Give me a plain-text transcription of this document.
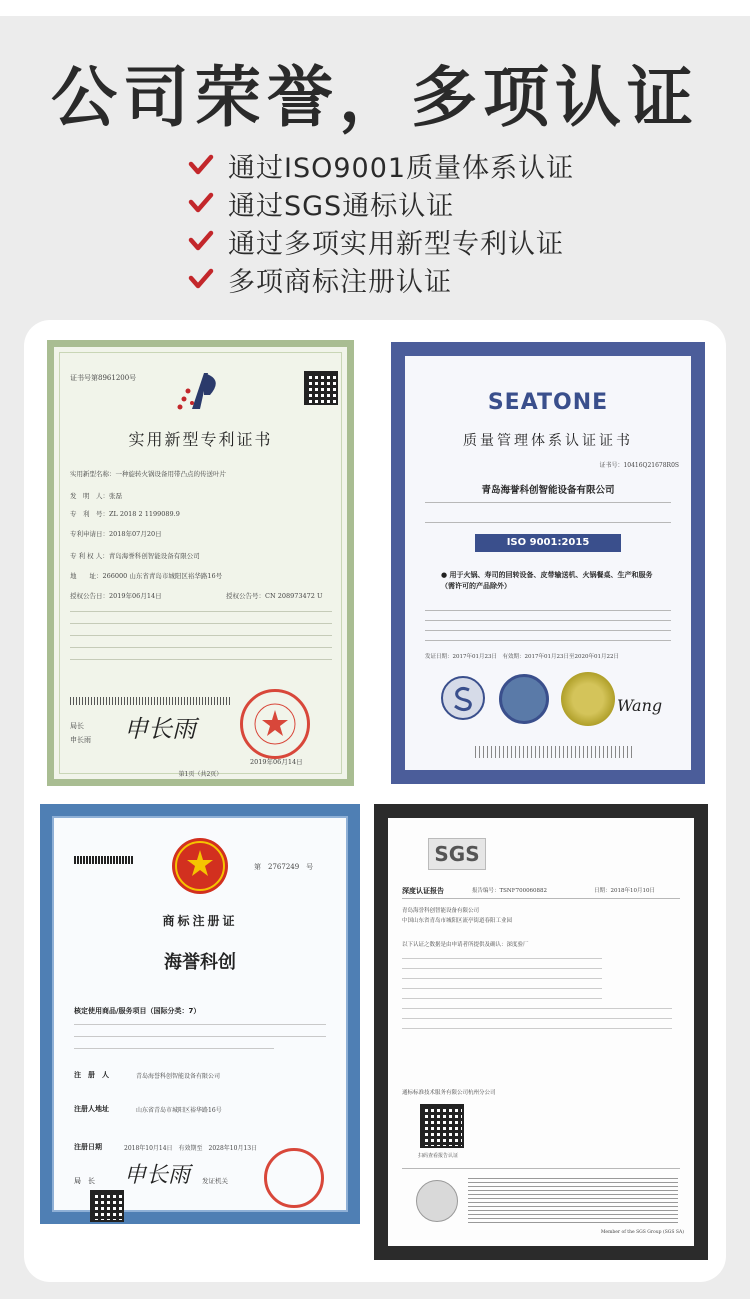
公司荣誉，多项认证
通过ISO9001质量体系认证
通过SGS通标认证
通过多项实用新型专利认证
多项商标注册认证
证书号第8961200号
实用新型专利证书
实用新型名称：一种旋转火锅设备用带凸点的传送叶片
发　明　人：张磊
专　利　号：ZL 2018 2 1199089.9
专利申请日：2018年07月20日
专 利 权 人：青岛海誉科创智能设备有限公司
地　　址：266000 山东省青岛市城阳区裕华路16号
授权公告日：2019年06月14日	授权公告号：CN 208973472 U
局长
申长雨 申长雨
2019年06月14日
第1页（共2页）
SEATONE
质量管理体系认证证书
证书号：10416Q21678R0S
青岛海誉科创智能设备有限公司
ISO 9001:2015
● 用于火锅、寿司的回转设备、皮带输送机、火锅餐桌、生产和服务（需许可的产品除外）
发证日期：2017年01月23日　有效期：2017年01月23日至2020年01月22日
Wang
第　2767249　号
商标注册证
海誉科创
核定使用商品/服务项目（国际分类：7）
注　册　人	青岛海誉科创智能设备有限公司
注册人地址	山东省青岛市城阳区裕华路16号
注册日期	2018年10月14日　有效期至　2028年10月13日
局　长 申长雨 发证机关
SGS
深度认证报告	报告编号：TSNF700060882	日期：2018年10月10日
青岛海誉科创智能设备有限公司
中国山东省青岛市城阳区流亭街道春阳工业园
以下认证之数据是由申请者所提供及确认：深度验厂
通标标准技术服务有限公司杭州分公司
扫码查看报告认证
Member of the SGS Group (SGS SA)
